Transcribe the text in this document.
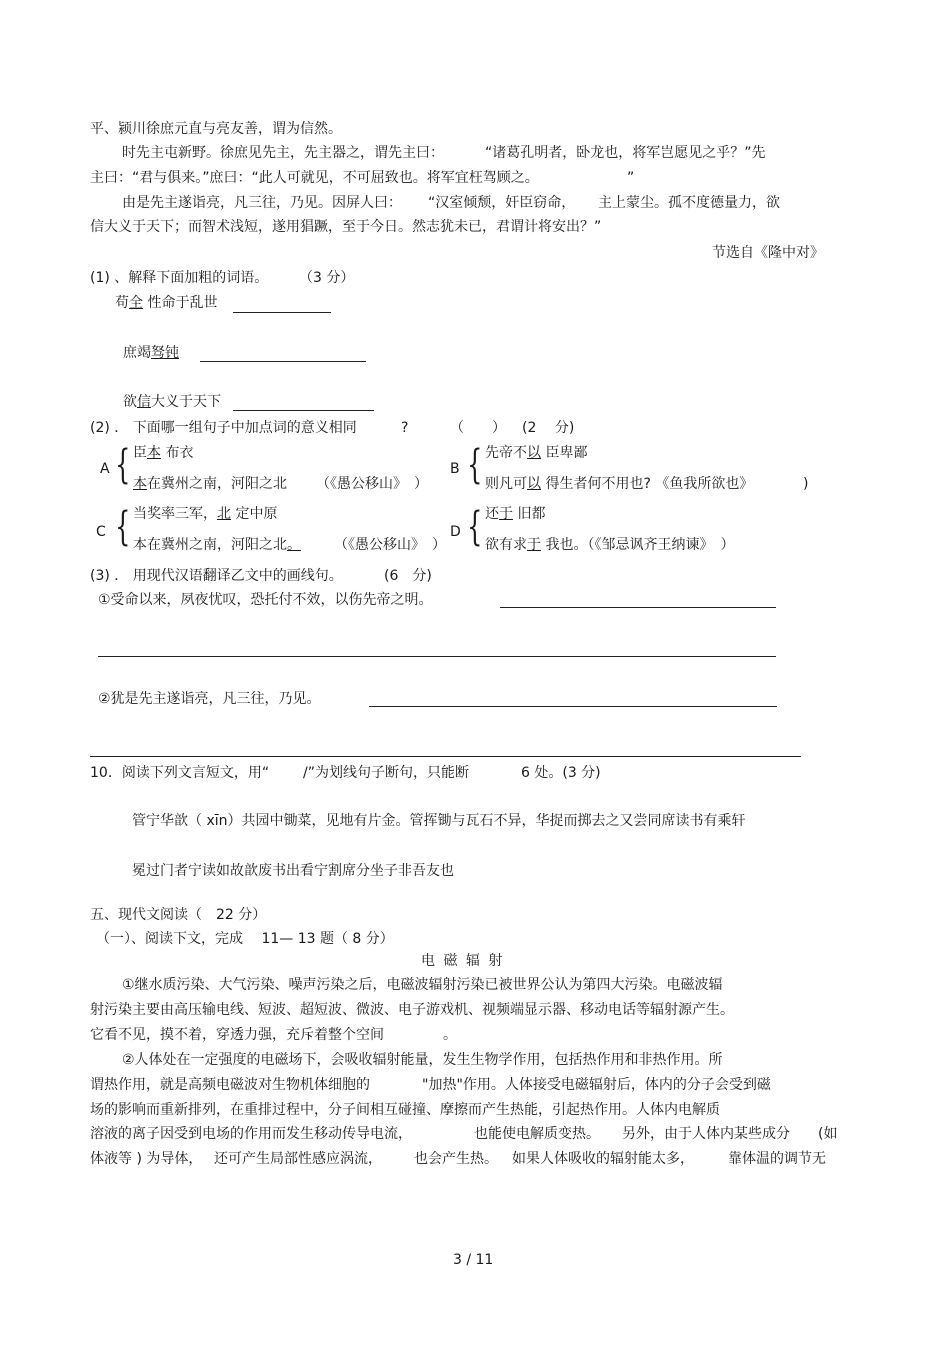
平、颍川徐庶元直与亮友善，谓为信然。
时先主屯新野。徐庶见先主，先主器之，谓先主曰：	“诸葛孔明者，卧龙也，将军岂愿见之乎？”先
主曰：“君与俱来。”庶曰：“此人可就见，不可屈致也。将军宜枉驾顾之。	”
由是先主遂诣亮，凡三往，乃见。因屏人曰： “汉室倾颓，奸臣窃命， 主上蒙尘。孤不度德量力，欲
信大义于天下；而智术浅短，遂用猖蹶，至于今日。然志犹未已，君谓计将安出？”
节选自《隆中对》
(1) 、解释下面加粗的词语。 （3 分）
苟全 性命于乱世
庶竭驽钝
欲信大义于天下
(2) ． 下面哪一组句子中加点词的意义相同	?	（　　） (2　 分)
A { 臣本 布衣
本在冀州之南，河阳之北 （《愚公移山》　）
B { 先帝不以 臣卑鄙
则凡可以 得生者何不用也? 《鱼我所欲也》	)
C { 当奖率三军，北 定中原
本在冀州之南，河阳之北。 （《愚公移山》　）
D { 还于 旧都
欲有求于 我也。（《邹忌讽齐王纳谏》　）
(3) ． 用现代汉语翻译乙文中的画线句。	(6　分)
①受命以来，夙夜忧叹，恐托付不效，以伤先帝之明。
②犹是先主遂诣亮，凡三往，乃见。
10．阅读下列文言短文，用“ /”为划线句子断句，只能断	6 处。(3 分)
管宁华歆（ xīn）共园中锄菜，见地有片金。管挥锄与瓦石不异，华捉而掷去之又尝同席读书有乘轩
冕过门者宁读如故歆废书出看宁割席分坐子非吾友也
五、现代文阅读（　22 分）
（一）、阅读下文，完成　 11— 13 题（ 8 分）
电 磁 辐 射
①继水质污染、大气污染、噪声污染之后，电磁波辐射污染已被世界公认为第四大污染。电磁波辐
射污染主要由高压输电线、短波、超短波、微波、电子游戏机、视频端显示器、移动电话等辐射源产生。
它看不见，摸不着，穿透力强，充斥着整个空间	。
②人体处在一定强度的电磁场下，会吸收辐射能量，发生生物学作用，包括热作用和非热作用。所
谓热作用，就是高频电磁波对生物机体细胞的	"加热"作用。人体接受电磁辐射后，体内的分子会受到磁
场的影响而重新排列，在重排过程中，分子间相互碰撞、摩擦而产生热能，引起热作用。人体内电解质
溶液的离子因受到电场的作用而发生移动传导电流，	也能使电解质变热。 另外，由于人体内某些成分 (如
体液等 ) 为导体， 还可产生局部性感应涡流， 也会产生热。 如果人体吸收的辐射能太多， 靠体温的调节无
3 / 11
